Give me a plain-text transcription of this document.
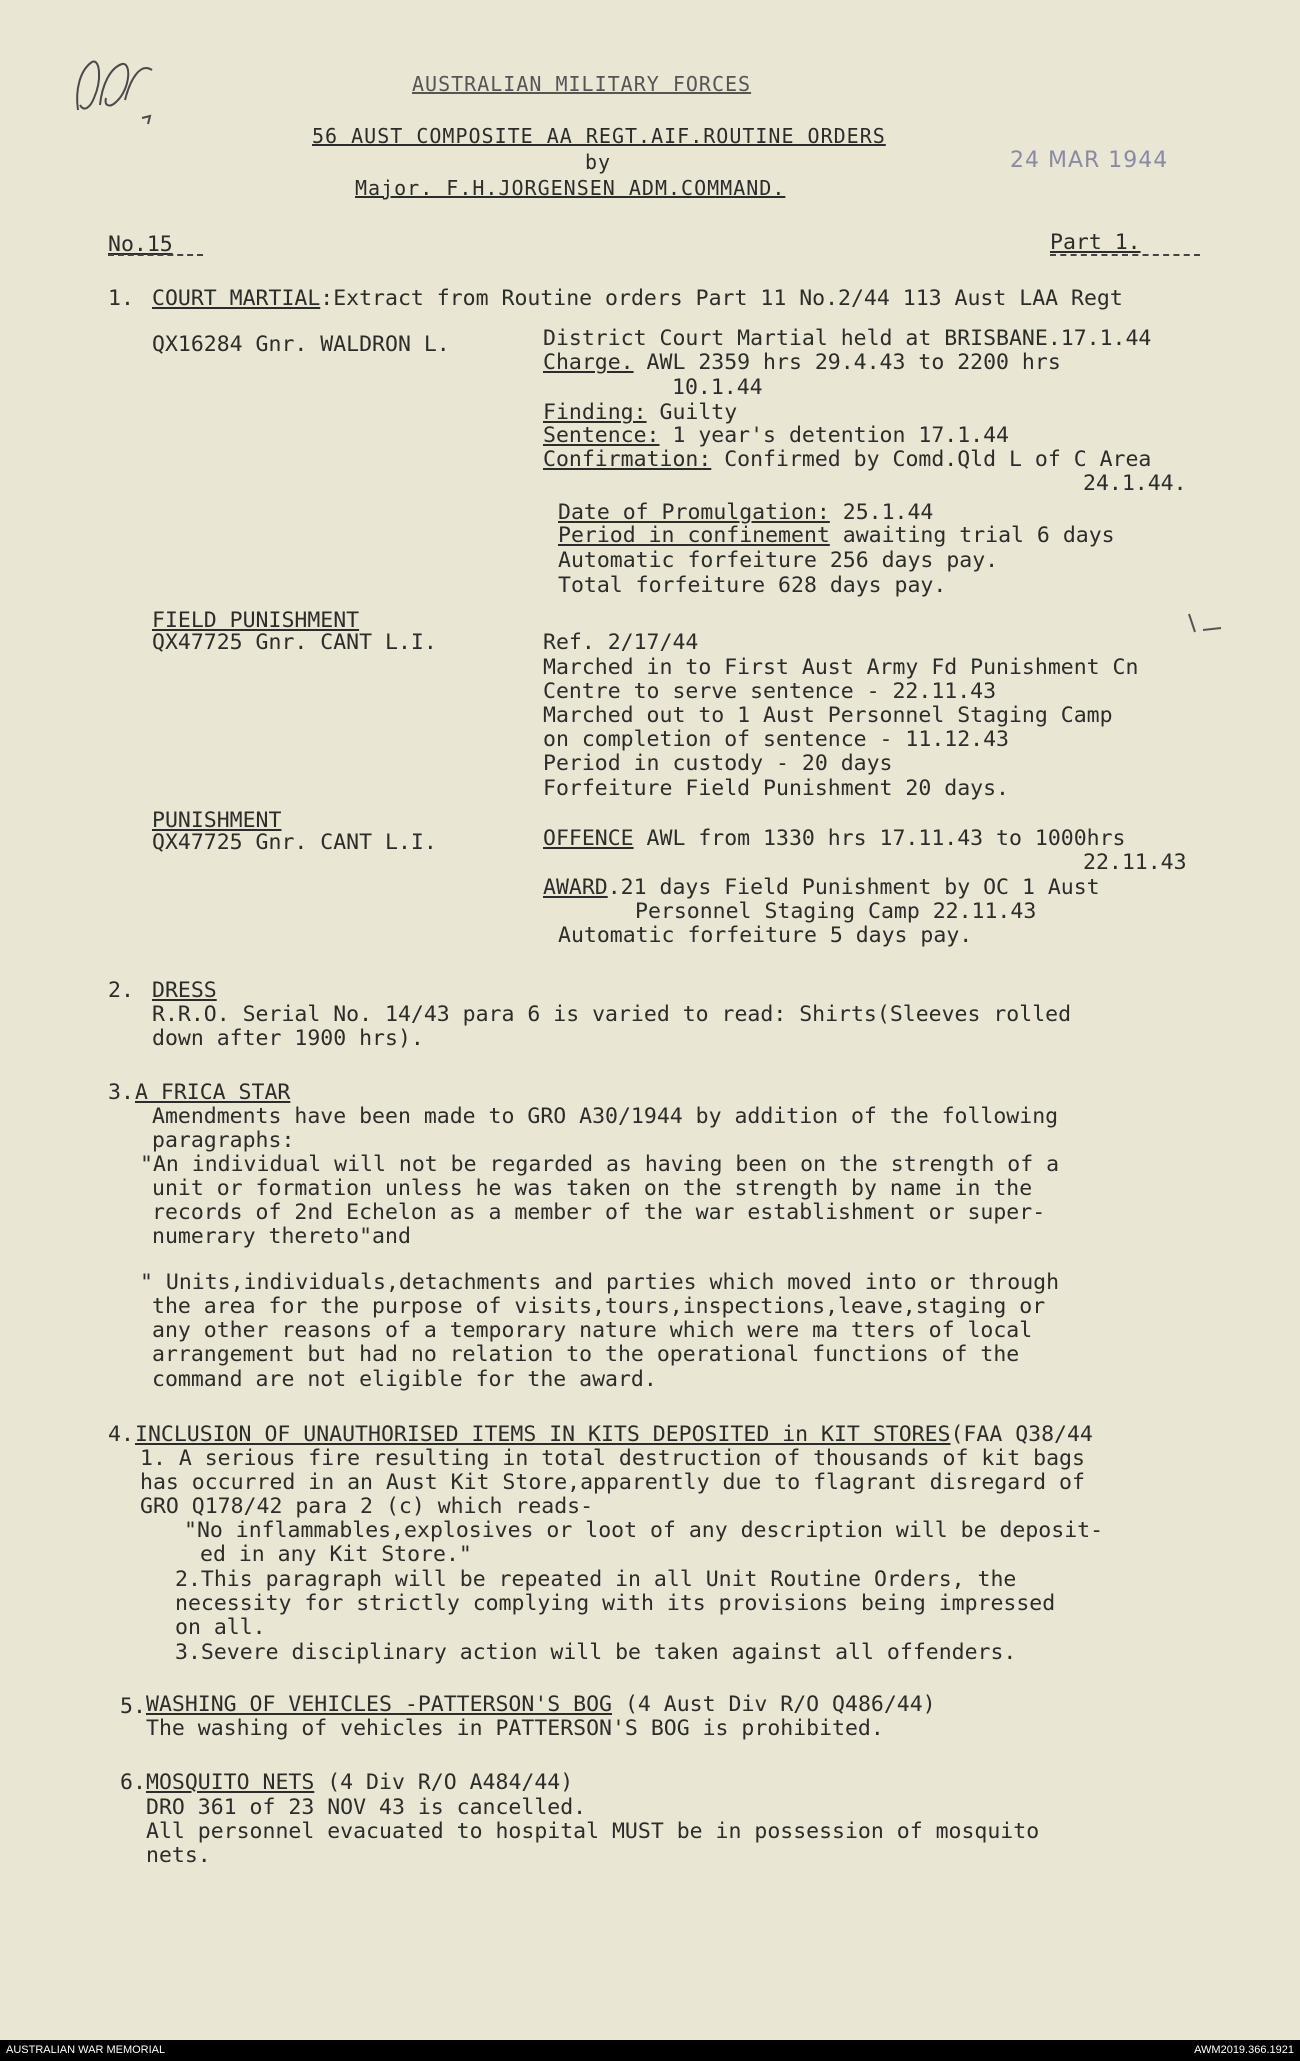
AUSTRALIAN MILITARY FORCES
56 AUST COMPOSITE AA REGT.AIF.ROUTINE ORDERS
by
Major. F.H.JORGENSEN ADM.COMMAND.
24 MAR 1944
No.15	Part 1.
1. COURT MARTIAL:Extract from Routine orders Part 11 No.2/44 113 Aust LAA Regt
QX16284 Gnr. WALDRON L.	District Court Martial held at BRISBANE.17.1.44
Charge. AWL 2359 hrs 29.4.43 to 2200 hrs
10.1.44
Finding: Guilty
Sentence: 1 year's detention 17.1.44
Confirmation: Confirmed by Comd.Qld L of C Area
24.1.44.
Date of Promulgation: 25.1.44
Period in confinement awaiting trial 6 days
Automatic forfeiture 256 days pay.
Total forfeiture 628 days pay.
FIELD PUNISHMENT
QX47725 Gnr. CANT L.I.	Ref. 2/17/44
Marched in to First Aust Army Fd Punishment Cn
Centre to serve sentence - 22.11.43
Marched out to 1 Aust Personnel Staging Camp
on completion of sentence - 11.12.43
Period in custody - 20 days
Forfeiture Field Punishment 20 days.
PUNISHMENT
QX47725 Gnr. CANT L.I.	OFFENCE AWL from 1330 hrs 17.11.43 to 1000hrs
22.11.43
AWARD.21 days Field Punishment by OC 1 Aust
Personnel Staging Camp 22.11.43
Automatic forfeiture 5 days pay.
2. DRESS
R.R.O. Serial No. 14/43 para 6 is varied to read: Shirts(Sleeves rolled
down after 1900 hrs).
3. A FRICA STAR
Amendments have been made to GRO A30/1944 by addition of the following
paragraphs:
"An individual will not be regarded as having been on the strength of a
unit or formation unless he was taken on the strength by name in the
records of 2nd Echelon as a member of the war establishment or super-
numerary thereto"and
" Units,individuals,detachments and parties which moved into or through
the area for the purpose of visits,tours,inspections,leave,staging or
any other reasons of a temporary nature which were ma tters of local
arrangement but had no relation to the operational functions of the
command are not eligible for the award.
4. INCLUSION OF UNAUTHORISED ITEMS IN KITS DEPOSITED in KIT STORES(FAA Q38/44
1. A serious fire resulting in total destruction of thousands of kit bags
has occurred in an Aust Kit Store,apparently due to flagrant disregard of
GRO Q178/42 para 2 (c) which reads-
"No inflammables,explosives or loot of any description will be deposit-
ed in any Kit Store."
2.This paragraph will be repeated in all Unit Routine Orders, the
necessity for strictly complying with its provisions being impressed
on all.
3.Severe disciplinary action will be taken against all offenders.
5. WASHING OF VEHICLES -PATTERSON'S BOG (4 Aust Div R/O Q486/44)
The washing of vehicles in PATTERSON'S BOG is prohibited.
6. MOSQUITO NETS (4 Div R/O A484/44)
DRO 361 of 23 NOV 43 is cancelled.
All personnel evacuated to hospital MUST be in possession of mosquito
nets.
AUSTRALIAN WAR MEMORIAL	AWM2019.366.1921
